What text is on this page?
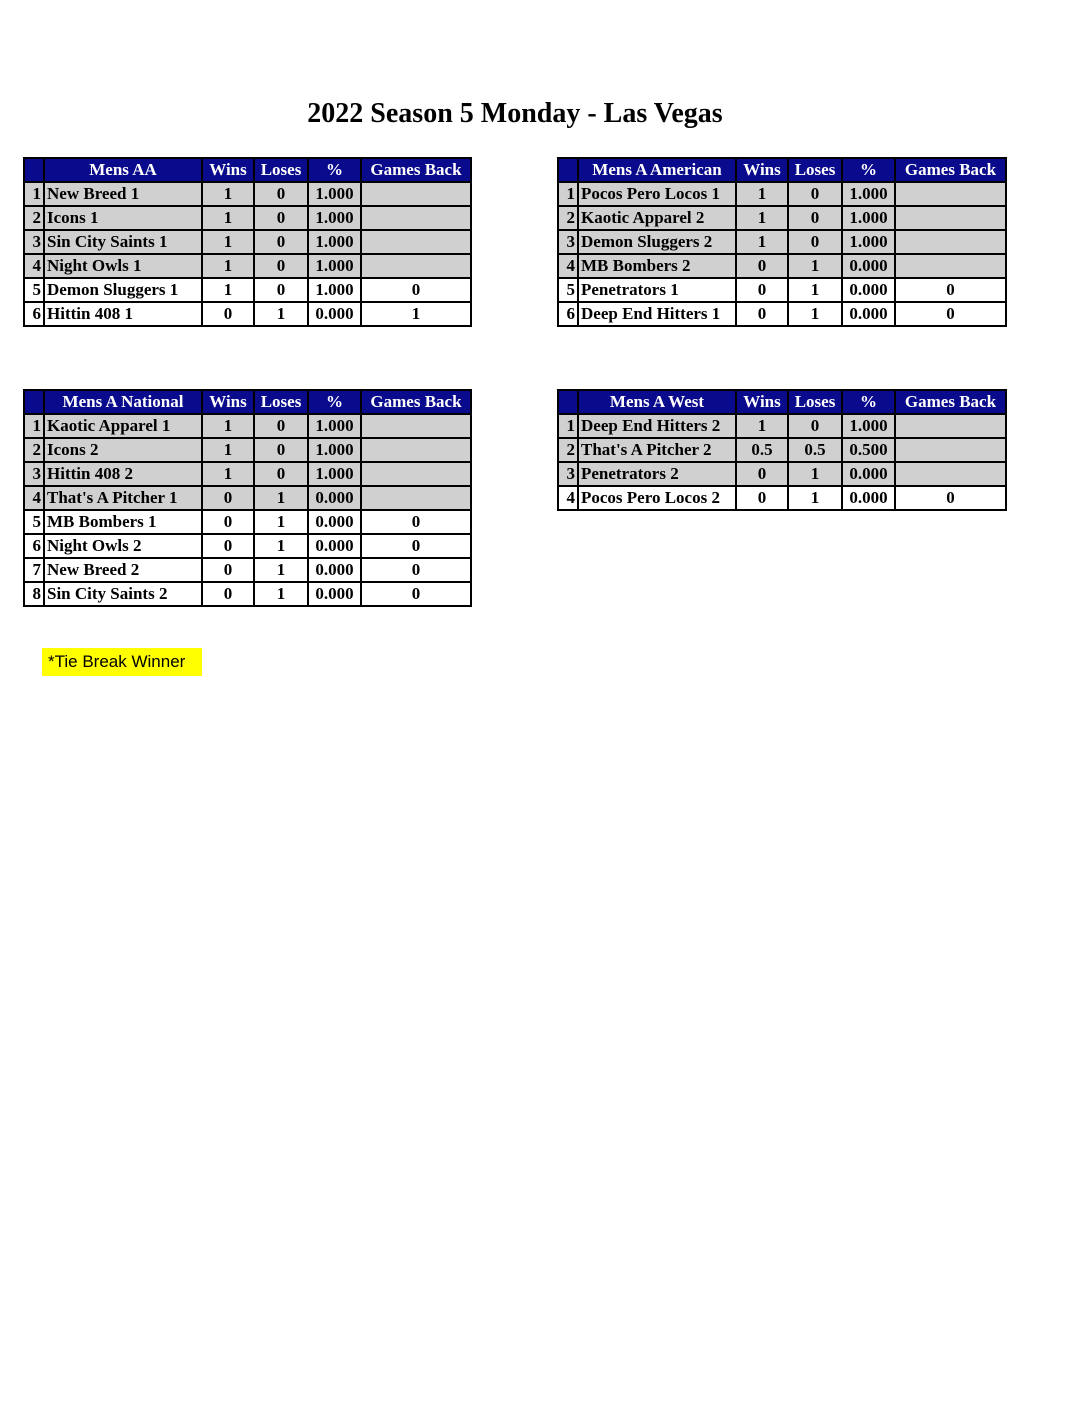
2022 Season 5 Monday - Las Vegas
	Mens AA	Wins	Loses	%	Games Back
1	New Breed 1	1	0	1.000	
2	Icons 1	1	0	1.000	
3	Sin City Saints 1	1	0	1.000	
4	Night Owls 1	1	0	1.000	
5	Demon Sluggers 1	1	0	1.000	0
6	Hittin 408 1	0	1	0.000	1
	Mens A American	Wins	Loses	%	Games Back
1	Pocos Pero Locos 1	1	0	1.000	
2	Kaotic Apparel 2	1	0	1.000	
3	Demon Sluggers 2	1	0	1.000	
4	MB Bombers 2	0	1	0.000	
5	Penetrators 1	0	1	0.000	0
6	Deep End Hitters 1	0	1	0.000	0
	Mens A National	Wins	Loses	%	Games Back
1	Kaotic Apparel 1	1	0	1.000	
2	Icons 2	1	0	1.000	
3	Hittin 408 2	1	0	1.000	
4	That's A Pitcher 1	0	1	0.000	
5	MB Bombers 1	0	1	0.000	0
6	Night Owls 2	0	1	0.000	0
7	New Breed 2	0	1	0.000	0
8	Sin City Saints 2	0	1	0.000	0
	Mens A West	Wins	Loses	%	Games Back
1	Deep End Hitters 2	1	0	1.000	
2	That's A Pitcher 2	0.5	0.5	0.500	
3	Penetrators 2	0	1	0.000	
4	Pocos Pero Locos 2	0	1	0.000	0
*Tie Break Winner
